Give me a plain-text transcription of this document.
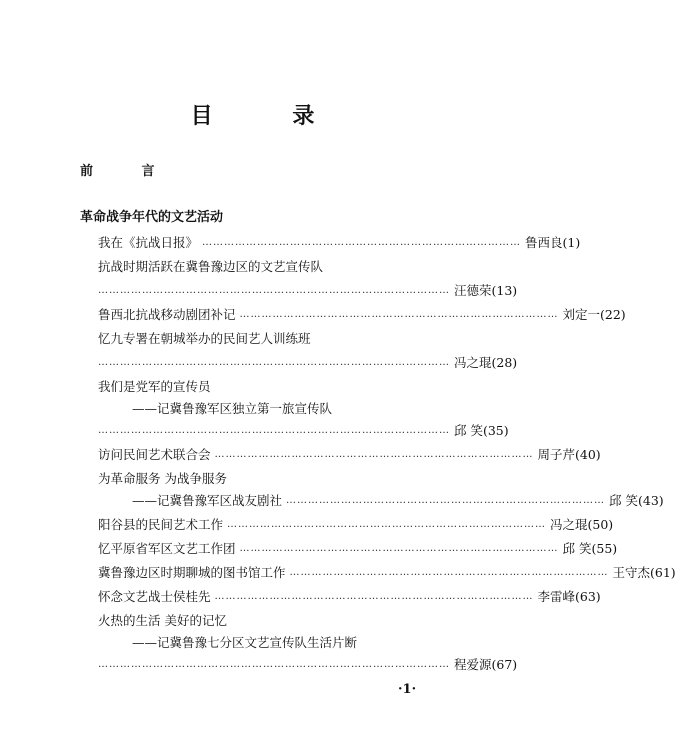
目 录
前 言
革命战争年代的文艺活动
我在《抗战日报》 …………………………………………………………………………… 鲁西良(1)
抗战时期活跃在冀鲁豫边区的文艺宣传队
…………………………………………………………………………………… 汪德荣(13)
鲁西北抗战移动剧团补记 …………………………………………………………………………… 刘定一(22)
忆九专署在朝城举办的民间艺人训练班
…………………………………………………………………………………… 冯之琨(28)
我们是党军的宣传员
——记冀鲁豫军区独立第一旅宣传队
…………………………………………………………………………………… 邱 笑(35)
访问民间艺术联合会 …………………………………………………………………………… 周子芹(40)
为革命服务 为战争服务
——记冀鲁豫军区战友剧社 …………………………………………………………………………… 邱 笑(43)
阳谷县的民间艺术工作 …………………………………………………………………………… 冯之琨(50)
忆平原省军区文艺工作团 …………………………………………………………………………… 邱 笑(55)
冀鲁豫边区时期聊城的图书馆工作 …………………………………………………………………………… 王守杰(61)
怀念文艺战士侯桂先 …………………………………………………………………………… 李雷峰(63)
火热的生活 美好的记忆
——记冀鲁豫七分区文艺宣传队生活片断
…………………………………………………………………………………… 程爱源(67)
·1·
